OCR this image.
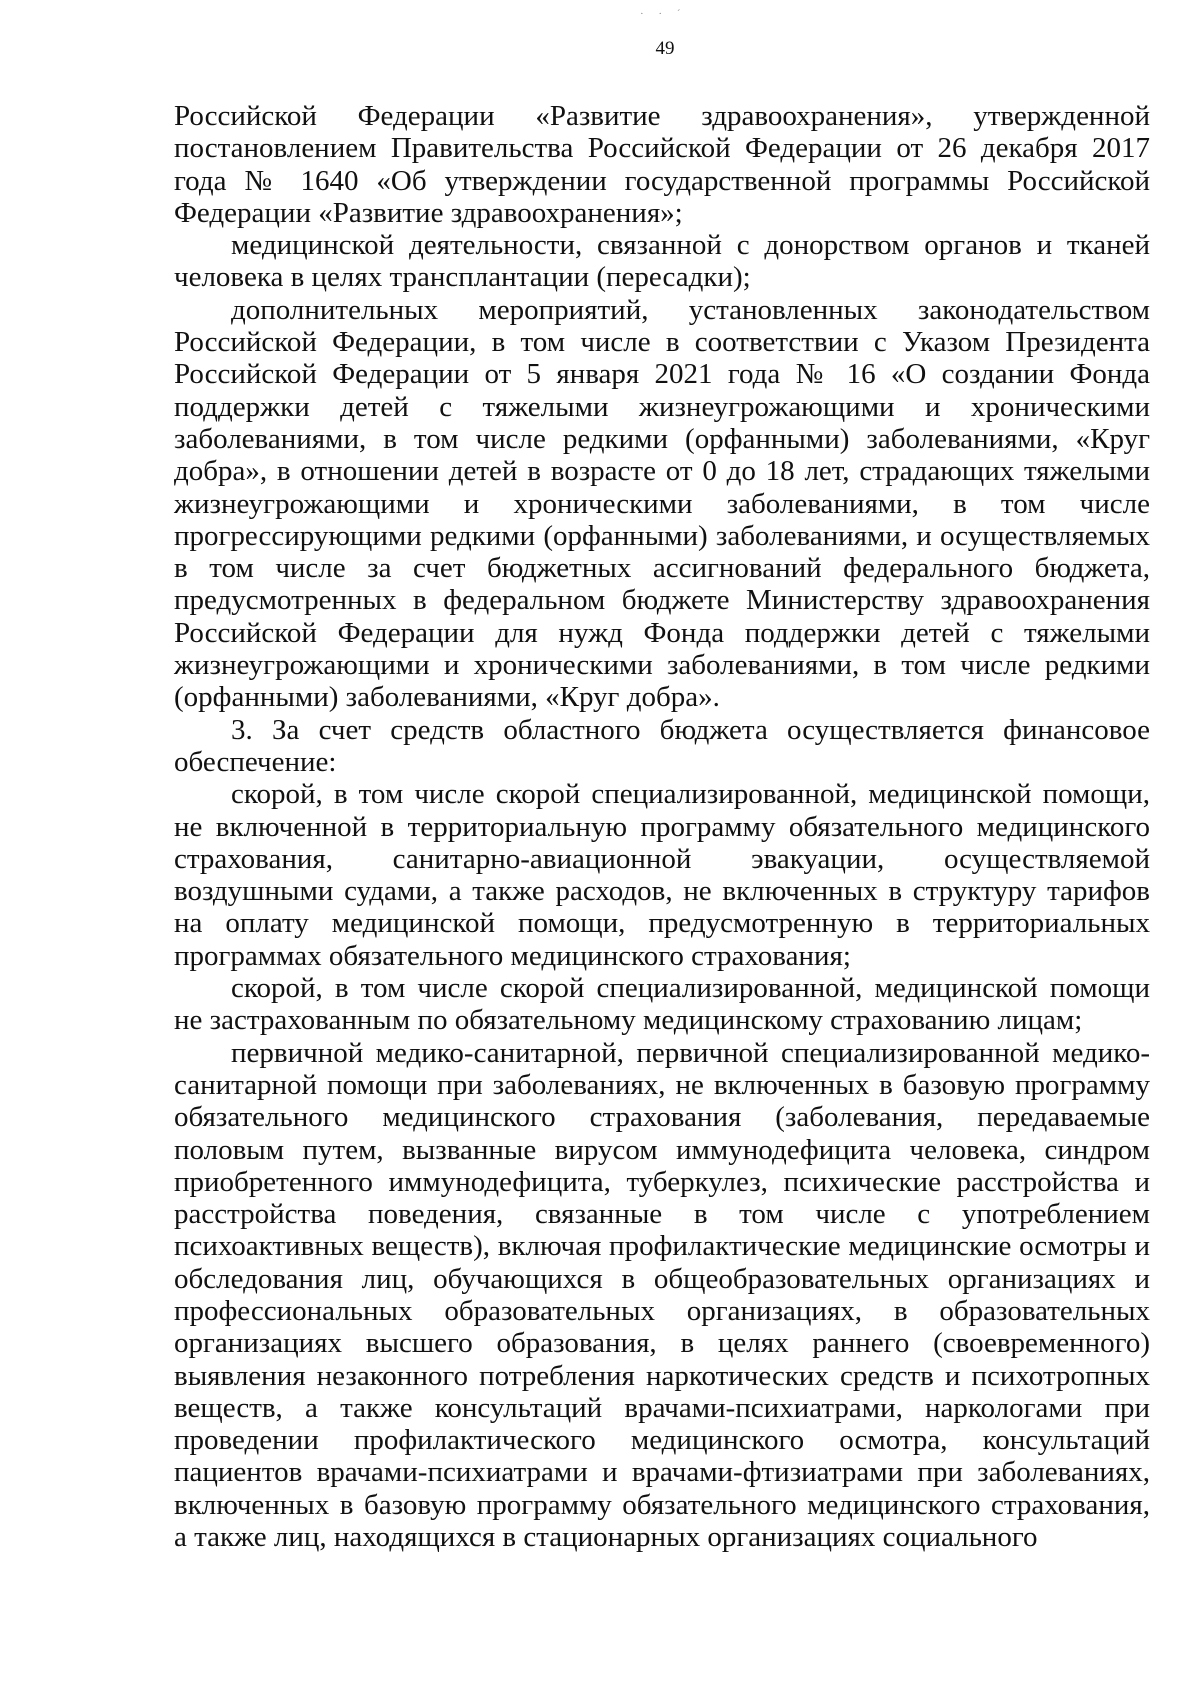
· · ˊ
49

Российской Федерации «Развитие здравоохранения», утвержденной постановлением Правительства Российской Федерации от 26 декабря 2017 года № 1640 «Об утверждении государственной программы Российской Федерации «Развитие здравоохранения»;

медицинской деятельности, связанной с донорством органов и тканей человека в целях трансплантации (пересадки);

дополнительных мероприятий, установленных законодательством Российской Федерации, в том числе в соответствии с Указом Президента Российской Федерации от 5 января 2021 года № 16 «О создании Фонда поддержки детей с тяжелыми жизнеугрожающими и хроническими заболеваниями, в том числе редкими (орфанными) заболеваниями, «Круг добра», в отношении детей в возрасте от 0 до 18 лет, страдающих тяжелыми жизнеугрожающими и хроническими заболеваниями, в том числе прогрессирующими редкими (орфанными) заболеваниями, и осуществляемых в том числе за счет бюджетных ассигнований федерального бюджета, предусмотренных в федеральном бюджете Министерству здравоохранения Российской Федерации для нужд Фонда поддержки детей с тяжелыми жизнеугрожающими и хроническими заболеваниями, в том числе редкими (орфанными) заболеваниями, «Круг добра».

3. За счет средств областного бюджета осуществляется финансовое обеспечение:

скорой, в том числе скорой специализированной, медицинской помощи, не включенной в территориальную программу обязательного медицинского страхования, санитарно-авиационной эвакуации, осуществляемой воздушными судами, а также расходов, не включенных в структуру тарифов на оплату медицинской помощи, предусмотренную в территориальных программах обязательного медицинского страхования;

скорой, в том числе скорой специализированной, медицинской помощи не застрахованным по обязательному медицинскому страхованию лицам;

первичной медико-санитарной, первичной специализированной медико-санитарной помощи при заболеваниях, не включенных в базовую программу обязательного медицинского страхования (заболевания, передаваемые половым путем, вызванные вирусом иммунодефицита человека, синдром приобретенного иммунодефицита, туберкулез, психические расстройства и расстройства поведения, связанные в том числе с употреблением психоактивных веществ), включая профилактические медицинские осмотры и обследования лиц, обучающихся в общеобразовательных организациях и профессиональных образовательных организациях, в образовательных организациях высшего образования, в целях раннего (своевременного) выявления незаконного потребления наркотических средств и психотропных веществ, а также консультаций врачами-психиатрами, наркологами при проведении профилактического медицинского осмотра, консультаций пациентов врачами-психиатрами и врачами-фтизиатрами при заболеваниях, включенных в базовую программу обязательного медицинского страхования, а также лиц, находящихся в стационарных организациях социального
